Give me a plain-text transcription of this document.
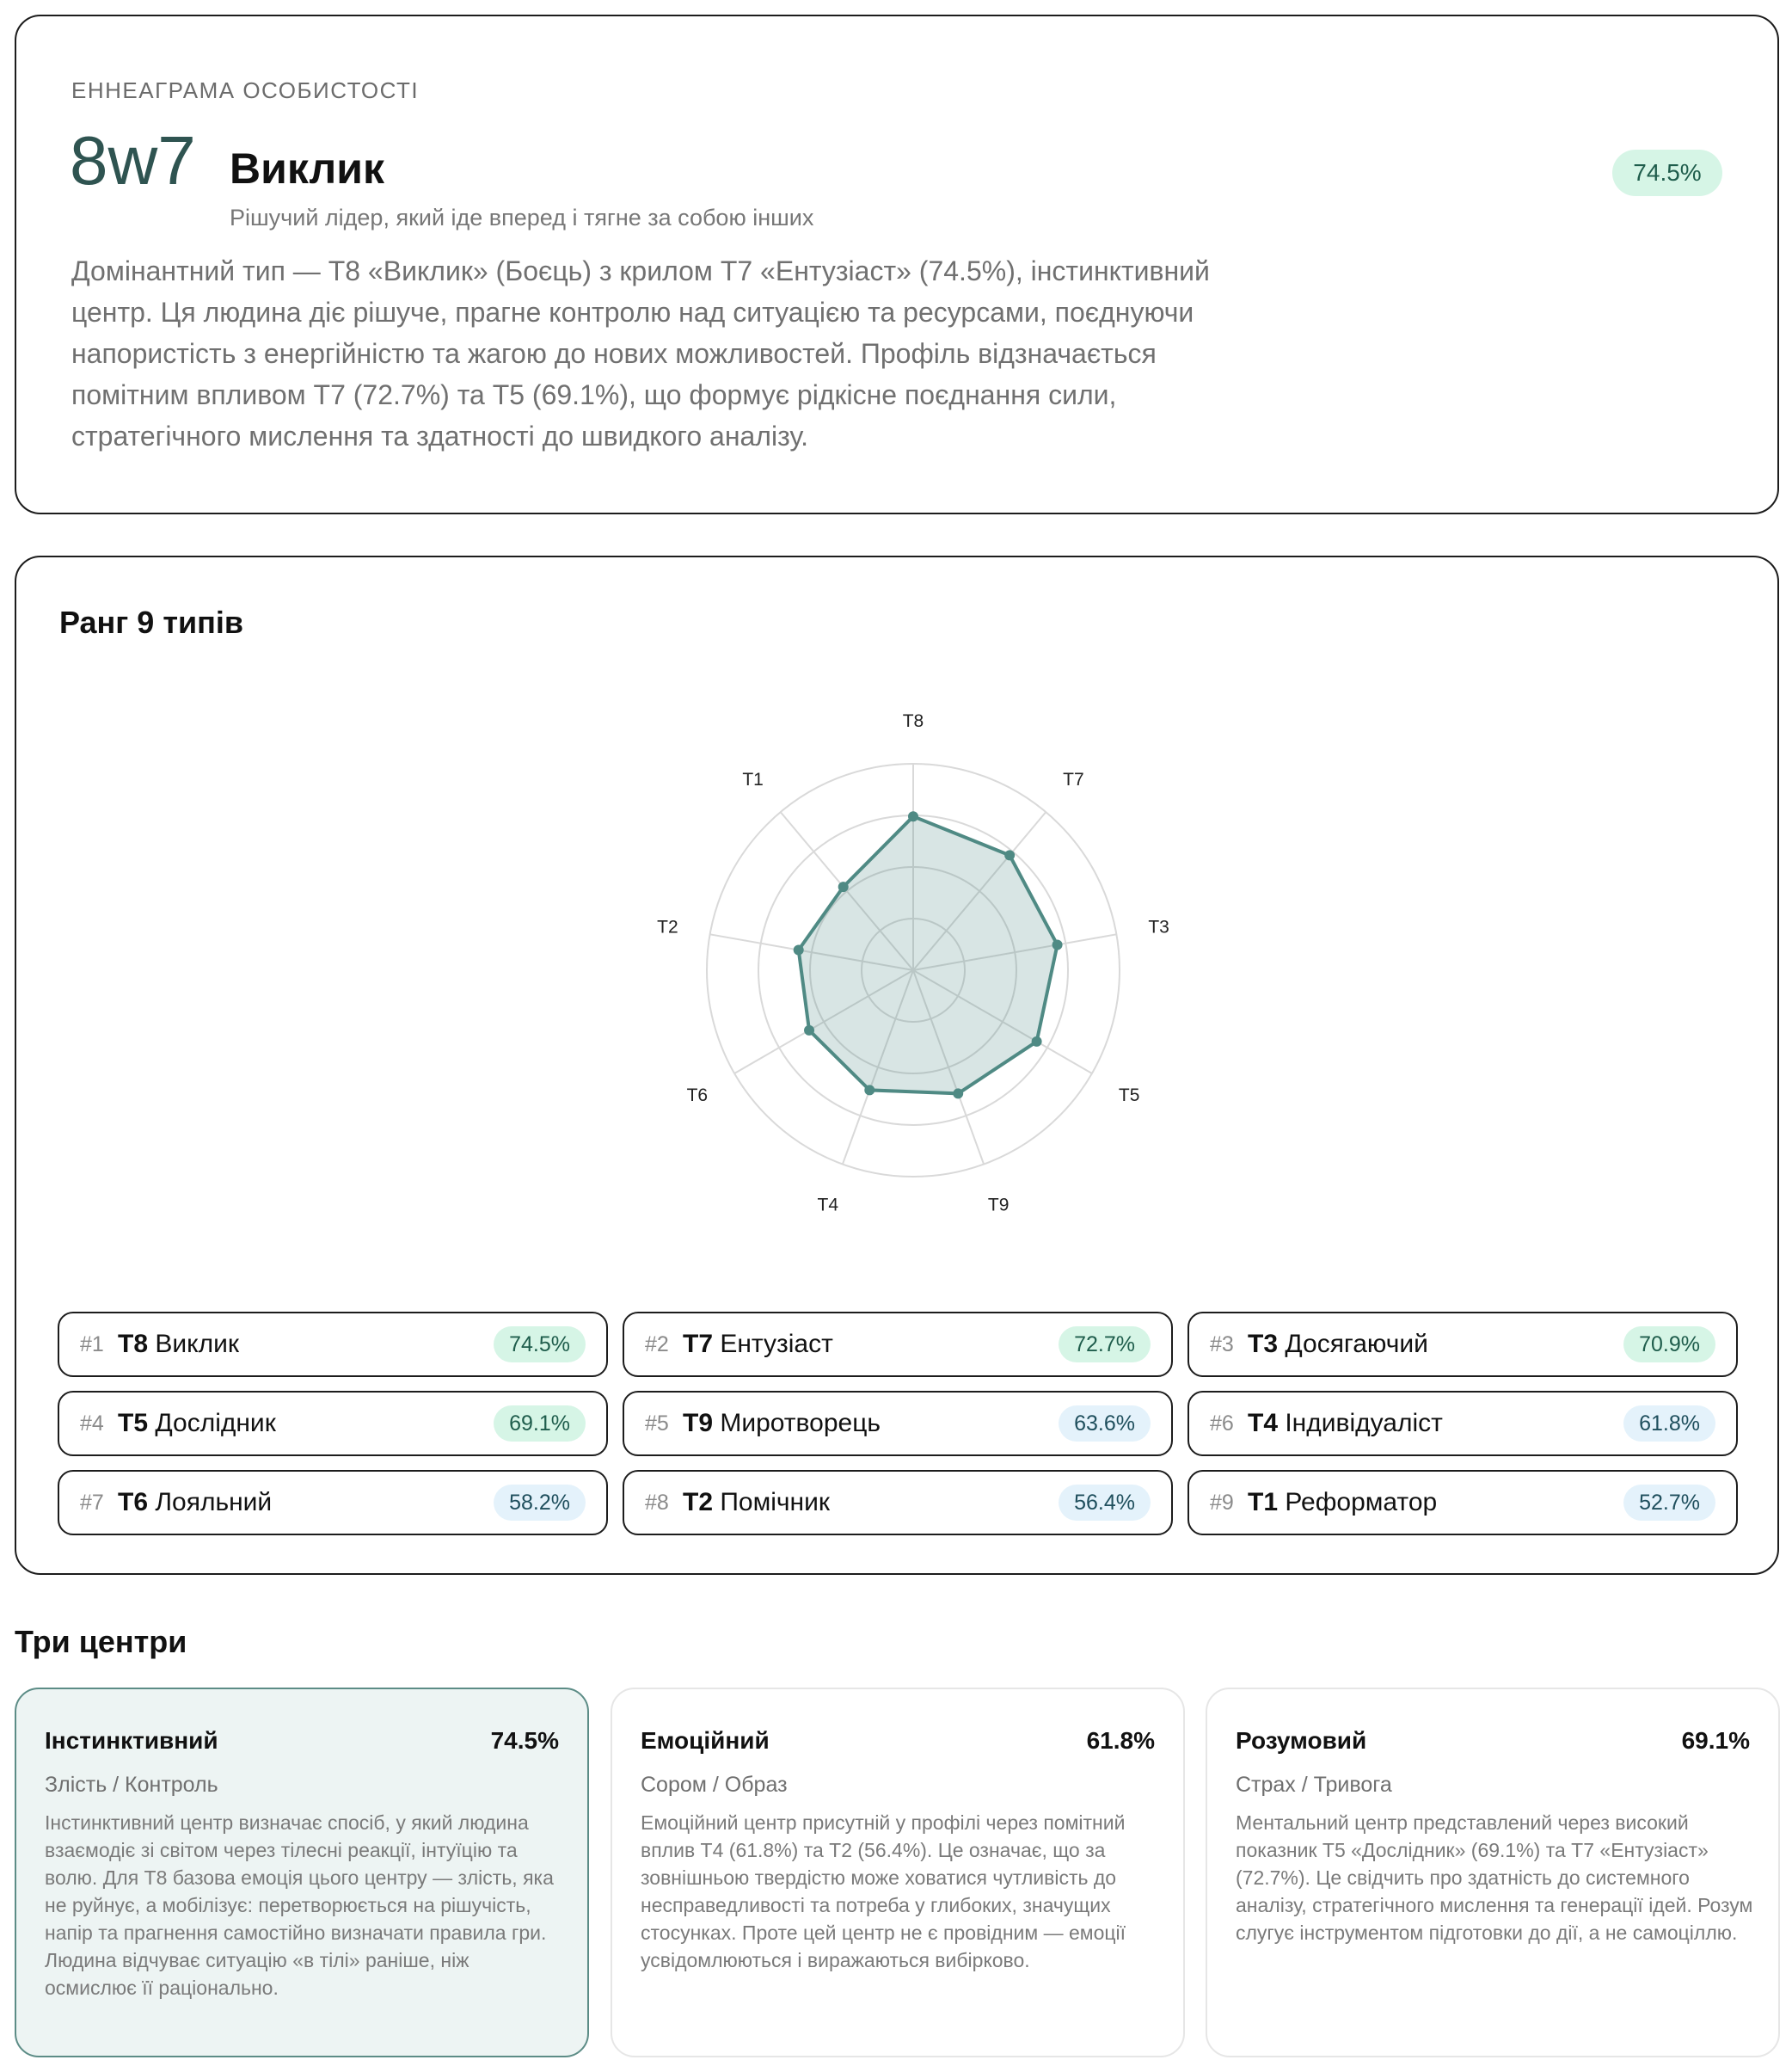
ЕННЕАГРАМА ОСОБИСТОСТІ
8w7 Виклик
Рішучий лідер, який іде вперед і тягне за собою інших
74.5%
Домінантний тип — T8 «Виклик» (Боєць) з крилом T7 «Ентузіаст» (74.5%), інстинктивний центр. Ця людина діє рішуче, прагне контролю над ситуацією та ресурсами, поєднуючи напористість з енергійністю та жагою до нових можливостей. Профіль відзначається помітним впливом T7 (72.7%) та T5 (69.1%), що формує рідкісне поєднання сили, стратегічного мислення та здатності до швидкого аналізу.
Ранг 9 типів
T8
T7
T3
T5
T9
T4
T6
T2
T1
#1 T8 Виклик	74.5%	#2 T7 Ентузіаст	72.7%	#3 T3 Досягаючий	70.9%
#4 T5 Дослідник	69.1%	#5 T9 Миротворець	63.6%	#6 T4 Індивідуаліст	61.8%
#7 T6 Лояльний	58.2%	#8 T2 Помічник	56.4%	#9 T1 Реформатор	52.7%
Три центри
Інстинктивний	74.5%
Злість / Контроль
Інстинктивний центр визначає спосіб, у який людина взаємодіє зі світом через тілесні реакції, інтуїцію та волю. Для T8 базова емоція цього центру — злість, яка не руйнує, а мобілізує: перетворюється на рішучість, напір та прагнення самостійно визначати правила гри. Людина відчуває ситуацію «в тілі» раніше, ніж осмислює її раціонально.
Емоційний	61.8%
Сором / Образ
Емоційний центр присутній у профілі через помітний вплив T4 (61.8%) та T2 (56.4%). Це означає, що за зовнішньою твердістю може ховатися чутливість до несправедливості та потреба у глибоких, значущих стосунках. Проте цей центр не є провідним — емоції усвідомлюються і виражаються вибірково.
Розумовий	69.1%
Страх / Тривога
Ментальний центр представлений через високий показник T5 «Дослідник» (69.1%) та T7 «Ентузіаст» (72.7%). Це свідчить про здатність до системного аналізу, стратегічного мислення та генерації ідей. Розум слугує інструментом підготовки до дії, а не самоціллю.
